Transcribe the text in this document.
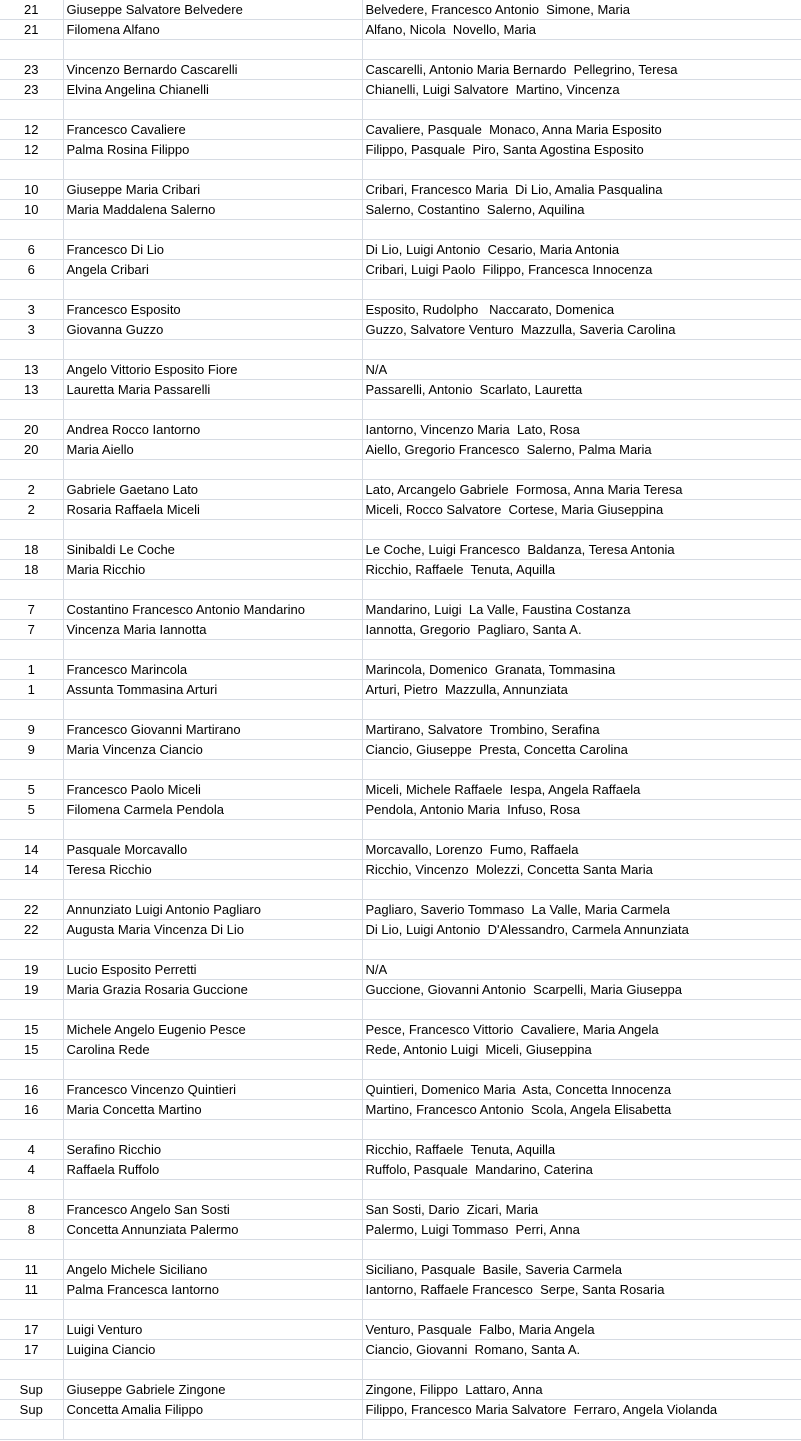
21	Giuseppe Salvatore Belvedere	Belvedere, Francesco Antonio  Simone, Maria
21	Filomena Alfano	Alfano, Nicola  Novello, Maria

23	Vincenzo Bernardo Cascarelli	Cascarelli, Antonio Maria Bernardo  Pellegrino, Teresa
23	Elvina Angelina Chianelli	Chianelli, Luigi Salvatore  Martino, Vincenza

12	Francesco Cavaliere	Cavaliere, Pasquale  Monaco, Anna Maria Esposito
12	Palma Rosina Filippo	Filippo, Pasquale  Piro, Santa Agostina Esposito

10	Giuseppe Maria Cribari	Cribari, Francesco Maria  Di Lio, Amalia Pasqualina
10	Maria Maddalena Salerno	Salerno, Costantino  Salerno, Aquilina

6	Francesco Di Lio	Di Lio, Luigi Antonio  Cesario, Maria Antonia
6	Angela Cribari	Cribari, Luigi Paolo  Filippo, Francesca Innocenza

3	Francesco Esposito	Esposito, Rudolpho   Naccarato, Domenica
3	Giovanna Guzzo	Guzzo, Salvatore Venturo  Mazzulla, Saveria Carolina

13	Angelo Vittorio Esposito Fiore	N/A
13	Lauretta Maria Passarelli	Passarelli, Antonio  Scarlato, Lauretta

20	Andrea Rocco Iantorno	Iantorno, Vincenzo Maria  Lato, Rosa
20	Maria Aiello	Aiello, Gregorio Francesco  Salerno, Palma Maria

2	Gabriele Gaetano Lato	Lato, Arcangelo Gabriele  Formosa, Anna Maria Teresa
2	Rosaria Raffaela Miceli	Miceli, Rocco Salvatore  Cortese, Maria Giuseppina

18	Sinibaldi Le Coche	Le Coche, Luigi Francesco  Baldanza, Teresa Antonia
18	Maria Ricchio	Ricchio, Raffaele  Tenuta, Aquilla

7	Costantino Francesco Antonio Mandarino	Mandarino, Luigi  La Valle, Faustina Costanza
7	Vincenza Maria Iannotta	Iannotta, Gregorio  Pagliaro, Santa A.

1	Francesco Marincola	Marincola, Domenico  Granata, Tommasina
1	Assunta Tommasina Arturi	Arturi, Pietro  Mazzulla, Annunziata

9	Francesco Giovanni Martirano	Martirano, Salvatore  Trombino, Serafina
9	Maria Vincenza Ciancio	Ciancio, Giuseppe  Presta, Concetta Carolina

5	Francesco Paolo Miceli	Miceli, Michele Raffaele  Iespa, Angela Raffaela
5	Filomena Carmela Pendola	Pendola, Antonio Maria  Infuso, Rosa

14	Pasquale Morcavallo	Morcavallo, Lorenzo  Fumo, Raffaela
14	Teresa Ricchio	Ricchio, Vincenzo  Molezzi, Concetta Santa Maria

22	Annunziato Luigi Antonio Pagliaro	Pagliaro, Saverio Tommaso  La Valle, Maria Carmela
22	Augusta Maria Vincenza Di Lio	Di Lio, Luigi Antonio  D'Alessandro, Carmela Annunziata

19	Lucio Esposito Perretti	N/A
19	Maria Grazia Rosaria Guccione	Guccione, Giovanni Antonio  Scarpelli, Maria Giuseppa

15	Michele Angelo Eugenio Pesce	Pesce, Francesco Vittorio  Cavaliere, Maria Angela
15	Carolina Rede	Rede, Antonio Luigi  Miceli, Giuseppina

16	Francesco Vincenzo Quintieri	Quintieri, Domenico Maria  Asta, Concetta Innocenza
16	Maria Concetta Martino	Martino, Francesco Antonio  Scola, Angela Elisabetta

4	Serafino Ricchio	Ricchio, Raffaele  Tenuta, Aquilla
4	Raffaela Ruffolo	Ruffolo, Pasquale  Mandarino, Caterina

8	Francesco Angelo San Sosti	San Sosti, Dario  Zicari, Maria
8	Concetta Annunziata Palermo	Palermo, Luigi Tommaso  Perri, Anna

11	Angelo Michele Siciliano	Siciliano, Pasquale  Basile, Saveria Carmela
11	Palma Francesca Iantorno	Iantorno, Raffaele Francesco  Serpe, Santa Rosaria

17	Luigi Venturo	Venturo, Pasquale  Falbo, Maria Angela
17	Luigina Ciancio	Ciancio, Giovanni  Romano, Santa A.

Sup	Giuseppe Gabriele Zingone	Zingone, Filippo  Lattaro, Anna
Sup	Concetta Amalia Filippo	Filippo, Francesco Maria Salvatore  Ferraro, Angela Violanda
